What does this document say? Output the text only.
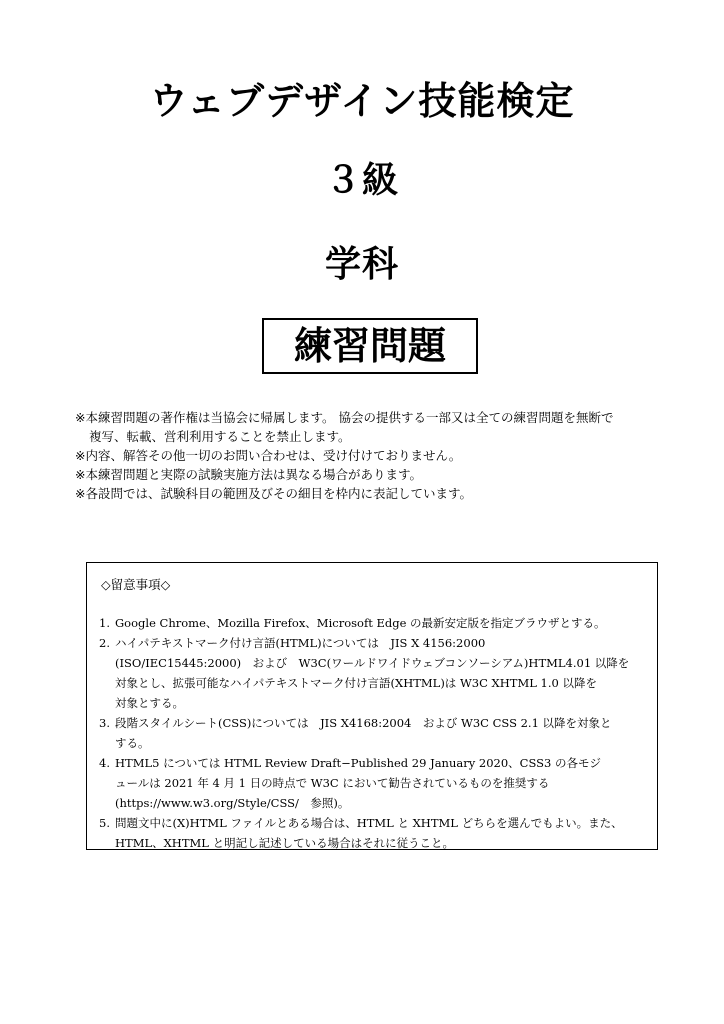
ウェブデザイン技能検定
３級
学科
練習問題
※本練習問題の著作権は当協会に帰属します。 協会の提供する一部又は全ての練習問題を無断で
複写、転載、営利利用することを禁止します。
※内容、解答その他一切のお問い合わせは、受け付けておりません。
※本練習問題と実際の試験実施方法は異なる場合があります。
※各設問では、試験科目の範囲及びその細目を枠内に表記しています。
◇留意事項◇
1. Google Chrome、Mozilla Firefox、Microsoft Edge の最新安定版を指定ブラウザとする。
2. ハイパテキストマーク付け言語(HTML)については　JIS X 4156:2000
(ISO/IEC15445:2000)　および　W3C(ワールドワイドウェブコンソーシアム)HTML4.01 以降を
対象とし、拡張可能なハイパテキストマーク付け言語(XHTML)は W3C XHTML 1.0 以降を
対象とする。
3. 段階スタイルシート(CSS)については　JIS X4168:2004　および W3C CSS 2.1 以降を対象と
する。
4. HTML5 については HTML Review Draft−Published 29 January 2020、CSS3 の各モジ
ュールは 2021 年 4 月 1 日の時点で W3C において勧告されているものを推奨する
(https://www.w3.org/Style/CSS/　参照)。
5. 問題文中に(X)HTML ファイルとある場合は、HTML と XHTML どちらを選んでもよい。また、
HTML、XHTML と明記し記述している場合はそれに従うこと。
